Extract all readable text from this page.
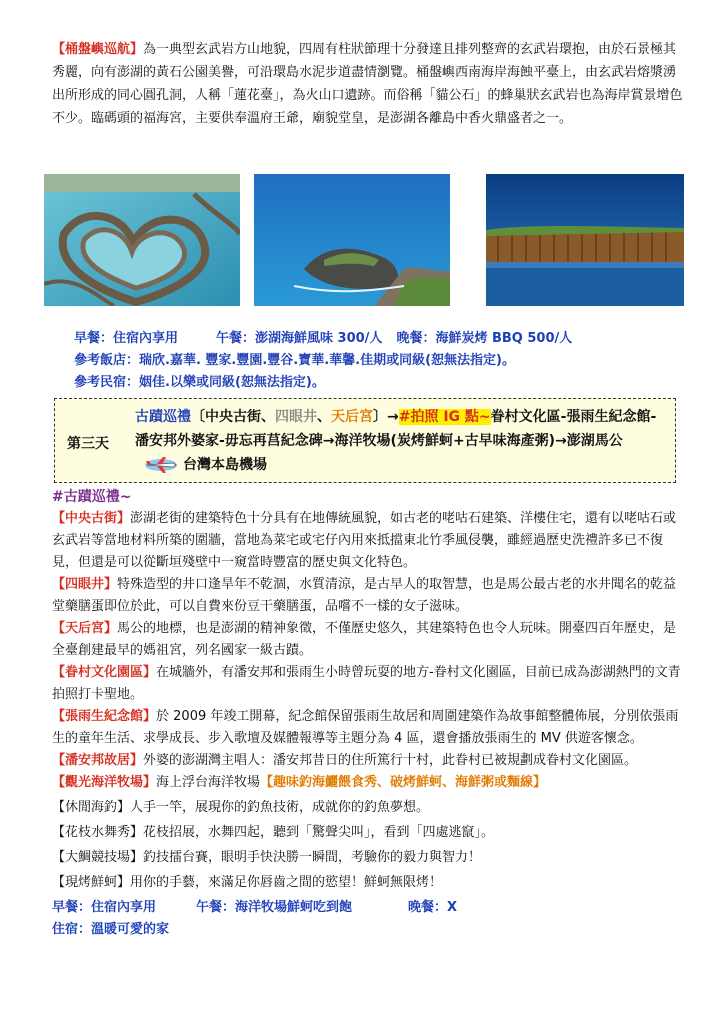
【桶盤嶼巡航】為一典型玄武岩方山地貌，四周有柱狀節理十分發達且排列整齊的玄武岩環抱，由於石景極其秀麗，向有澎湖的黃石公園美譽，可沿環島水泥步道盡情瀏覽。桶盤嶼西南海岸海蝕平臺上，由玄武岩熔漿湧出所形成的同心圓孔洞，人稱「蓮花臺」，為火山口遺跡。而俗稱「貓公石」的蜂巢狀玄武岩也為海岸賞景增色不少。臨碼頭的福海宮，主要供奉溫府王爺，廟貌堂皇，是澎湖各離島中香火鼎盛者之一。
早餐：住宿內享用	午餐：澎湖海鮮風味 300/人 晚餐：海鮮炭烤 BBQ 500/人
參考飯店：瑞欣.嘉華. 豐家.豐園.豐谷.寶華.華馨.佳期或同級(恕無法指定)。
參考民宿：姻佳.以樂或同級(恕無法指定)。
第三天
古蹟巡禮〔中央古街、四眼井、天后宮〕→#拍照 IG 點~眷村文化區-張雨生紀念館-潘安邦外婆家-毋忘再莒紀念碑→海洋牧場(炭烤鮮蚵+古早味海產粥)→澎湖馬公台灣本島機場

#古蹟巡禮~

【中央古街】澎湖老街的建築特色十分具有在地傳統風貌，如古老的咾咕石建築、洋樓住宅，還有以咾咕石或玄武岩等當地材料所築的圍牆，當地為菜宅或宅仔內用來抵擋東北竹季風侵襲，雖經過歷史洗禮許多已不復見，但還是可以從斷垣殘壁中一窺當時豐富的歷史與文化特色。

【四眼井】特殊造型的井口逢旱年不乾涸，水質清涼，是古早人的取智慧，也是馬公最古老的水井聞名的乾益堂藥膳蛋即位於此，可以自費來份豆干藥膳蛋，品嚐不一樣的女子滋味。

【天后宮】馬公的地標，也是澎湖的精神象徵，不僅歷史悠久，其建築特色也令人玩味。開臺四百年歷史，是全臺創建最早的媽祖宮，列名國家一級古蹟。

【眷村文化園區】在城牆外，有潘安邦和張雨生小時曾玩耍的地方-眷村文化園區，目前已成為澎湖熱門的文青拍照打卡聖地。

【張雨生紀念館】於 2009 年竣工開幕，紀念館保留張雨生故居和周圍建築作為故事館整體佈展，分別依張雨生的童年生活、求學成長、步入歌壇及媒體報導等主題分為 4 區，還會播放張雨生的 MV 供遊客懷念。

【潘安邦故居】外婆的澎湖灣主唱人：潘安邦昔日的住所篤行十村，此眷村已被規劃成眷村文化園區。

【觀光海洋牧場】海上浮台海洋牧場【趣味釣海鱺餵食秀、破烤鮮蚵、海鮮粥或麵線】

【休閒海釣】人手一竿，展現你的釣魚技術，成就你的釣魚夢想。

【花枝水舞秀】花枝招展，水舞四起，聽到「驚聲尖叫」，看到「四處逃竄」。

【大鯛競技場】釣技擂台賽，眼明手快決勝一瞬間，考驗你的毅力與智力！

【現烤鮮蚵】用你的手藝，來滿足你唇齒之間的慾望！鮮蚵無限烤！

早餐：住宿內享用	午餐：海洋牧場鮮蚵吃到飽	晚餐：X

住宿：溫暖可愛的家
